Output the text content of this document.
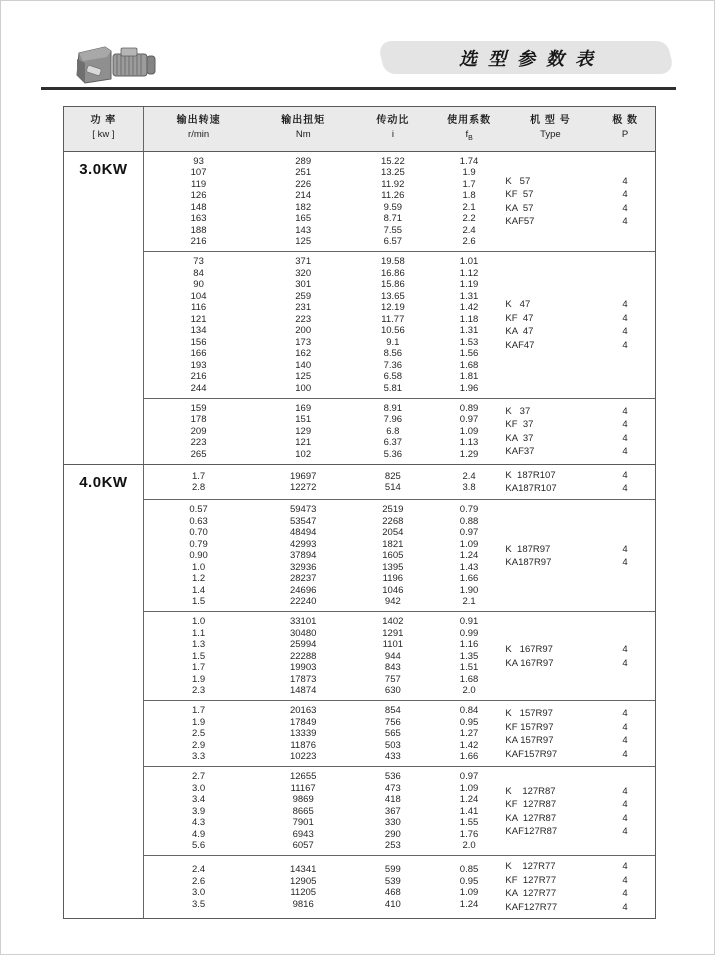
选型参数表
功 率
[ kw ]
输出转速
r/min
输出扭矩
Nm
传动比
i
使用系数
$f_B$
机 型 号
Type
极 数
P
3.0KW	93
107
119
126
148
163
188
216
289
251
226
214
182
165
143
125
15.22
13.25
11.92
11.26
9.59
8.71
7.55
6.57
1.74
1.9
1.7
1.8
2.1
2.2
2.4
2.6
K   57
KF  57
KA  57
KAF57
4
4
4
4
73
84
90
104
116
121
134
156
166
193
216
244
371
320
301
259
231
223
200
173
162
140
125
100
19.58
16.86
15.86
13.65
12.19
11.77
10.56
9.1
8.56
7.36
6.58
5.81
1.01
1.12
1.19
1.31
1.42
1.18
1.31
1.53
1.56
1.68
1.81
1.96
K   47
KF  47
KA  47
KAF47
4
4
4
4
159
178
209
223
265
169
151
129
121
102
8.91
7.96
6.8
6.37
5.36
0.89
0.97
1.09
1.13
1.29
K   37
KF  37
KA  37
KAF37
4
4
4
4
4.0KW	1.7
2.8
19697
12272
825
514
2.4
3.8
K  187R107
KA187R107
4
4
0.57
0.63
0.70
0.79
0.90
1.0
1.2
1.4
1.5
59473
53547
48494
42993
37894
32936
28237
24696
22240
2519
2268
2054
1821
1605
1395
1196
1046
942
0.79
0.88
0.97
1.09
1.24
1.43
1.66
1.90
2.1
K  187R97
KA187R97
4
4
1.0
1.1
1.3
1.5
1.7
1.9
2.3
33101
30480
25994
22288
19903
17873
14874
1402
1291
1101
944
843
757
630
0.91
0.99
1.16
1.35
1.51
1.68
2.0
K   167R97
KA 167R97
4
4
1.7
1.9
2.5
2.9
3.3
20163
17849
13339
11876
10223
854
756
565
503
433
0.84
0.95
1.27
1.42
1.66
K   157R97
KF 157R97
KA 157R97
KAF157R97
4
4
4
4
2.7
3.0
3.4
3.9
4.3
4.9
5.6
12655
11167
9869
8665
7901
6943
6057
536
473
418
367
330
290
253
0.97
1.09
1.24
1.41
1.55
1.76
2.0
K    127R87
KF  127R87
KA  127R87
KAF127R87
4
4
4
4
2.4
2.6
3.0
3.5
14341
12905
11205
9816
599
539
468
410
0.85
0.95
1.09
1.24
K    127R77
KF  127R77
KA  127R77
KAF127R77
4
4
4
4
